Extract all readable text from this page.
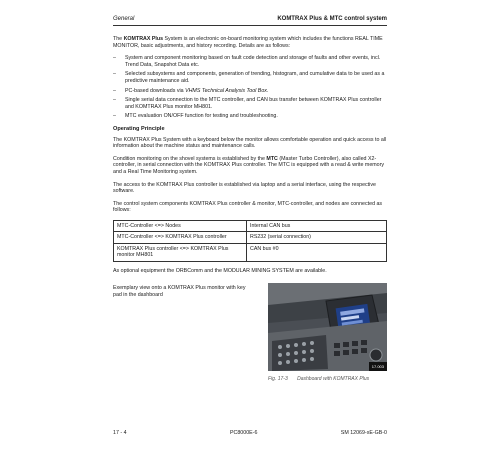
General	KOMTRAX Plus & MTC control system

The KOMTRAX Plus System is an electronic on-board monitoring system which includes the functions REAL TIME MONITOR, basic adjustments, and history recording. Details are as follows:

– System and component monitoring based on fault code detection and storage of faults and other events, incl. Trend Data, Snapshot Data etc.
– Selected subsystems and components, generation of trending, histogram, and cumulative data to be used as a predictive maintenance aid.
– PC-based downloads via VHMS Technical Analysis Tool Box.
– Single serial data connection to the MTC controller, and CAN bus transfer between KOMTRAX Plus controller and KOMTRAX Plus monitor MH801.
– MTC evaluation ON/OFF function for testing and troubleshooting.
Operating Principle

The KOMTRAX Plus System with a keyboard below the monitor allows comfortable operation and quick access to all information about the machine status and maintenance calls.

Condition monitoring on the shovel systems is established by the MTC (Master Turbo Controller), also called X2-controller, in serial connection with the KOMTRAX Plus controller. The MTC is equipped with a read & write memory and a Real Time Monitoring system.

The access to the KOMTRAX Plus controller is established via laptop and a serial interface, using the respective software.

The control system components KOMTRAX Plus controller & monitor, MTC-controller, and nodes are connected as follows:

MTC-Controller <=> Nodes	Internal CAN bus
MTC-Controller <=> KOMTRAX Plus controller	RS232 (serial connection)
KOMTRAX Plus controller <=> KOMTRAX Plus monitor MH801	CAN bus #0

As optional equipment the ORBComm and the MODULAR MINING SYSTEM are available.

Exemplary view onto a KOMTRAX Plus monitor with key pad in the dashboard
17.003
Fig. 17-3 Dashboard with KOMTRAX Plus
17 - 4	PC8000E-6	SM 12069-xE-GB-0
